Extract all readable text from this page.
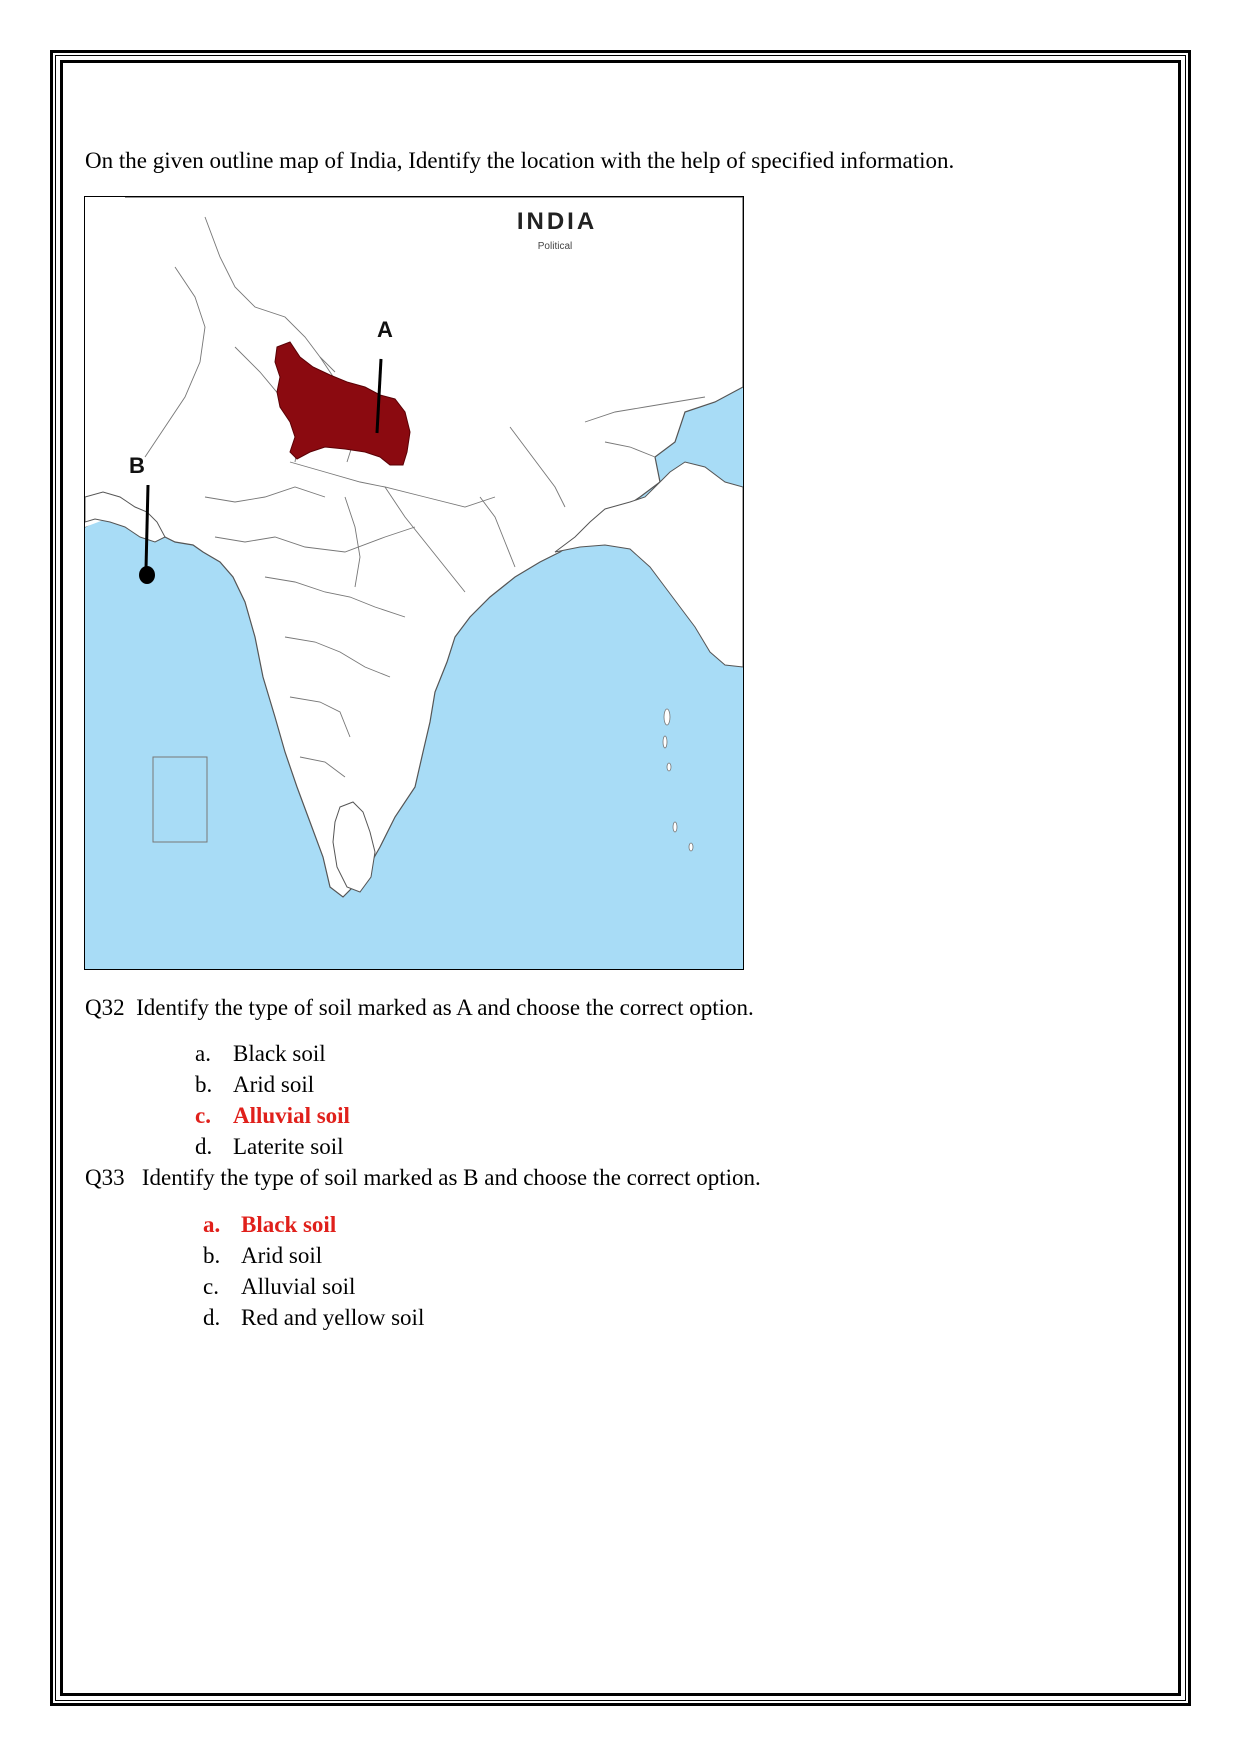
On the given outline map of India, Identify the location with the help of specified information.
INDIA
Political
A
B
Q32 Identify the type of soil marked as A and choose the correct option.
a. Black soil
b. Arid soil
c. Alluvial soil
d. Laterite soil
Q33 Identify the type of soil marked as B and choose the correct option.
a. Black soil
b. Arid soil
c. Alluvial soil
d. Red and yellow soil
